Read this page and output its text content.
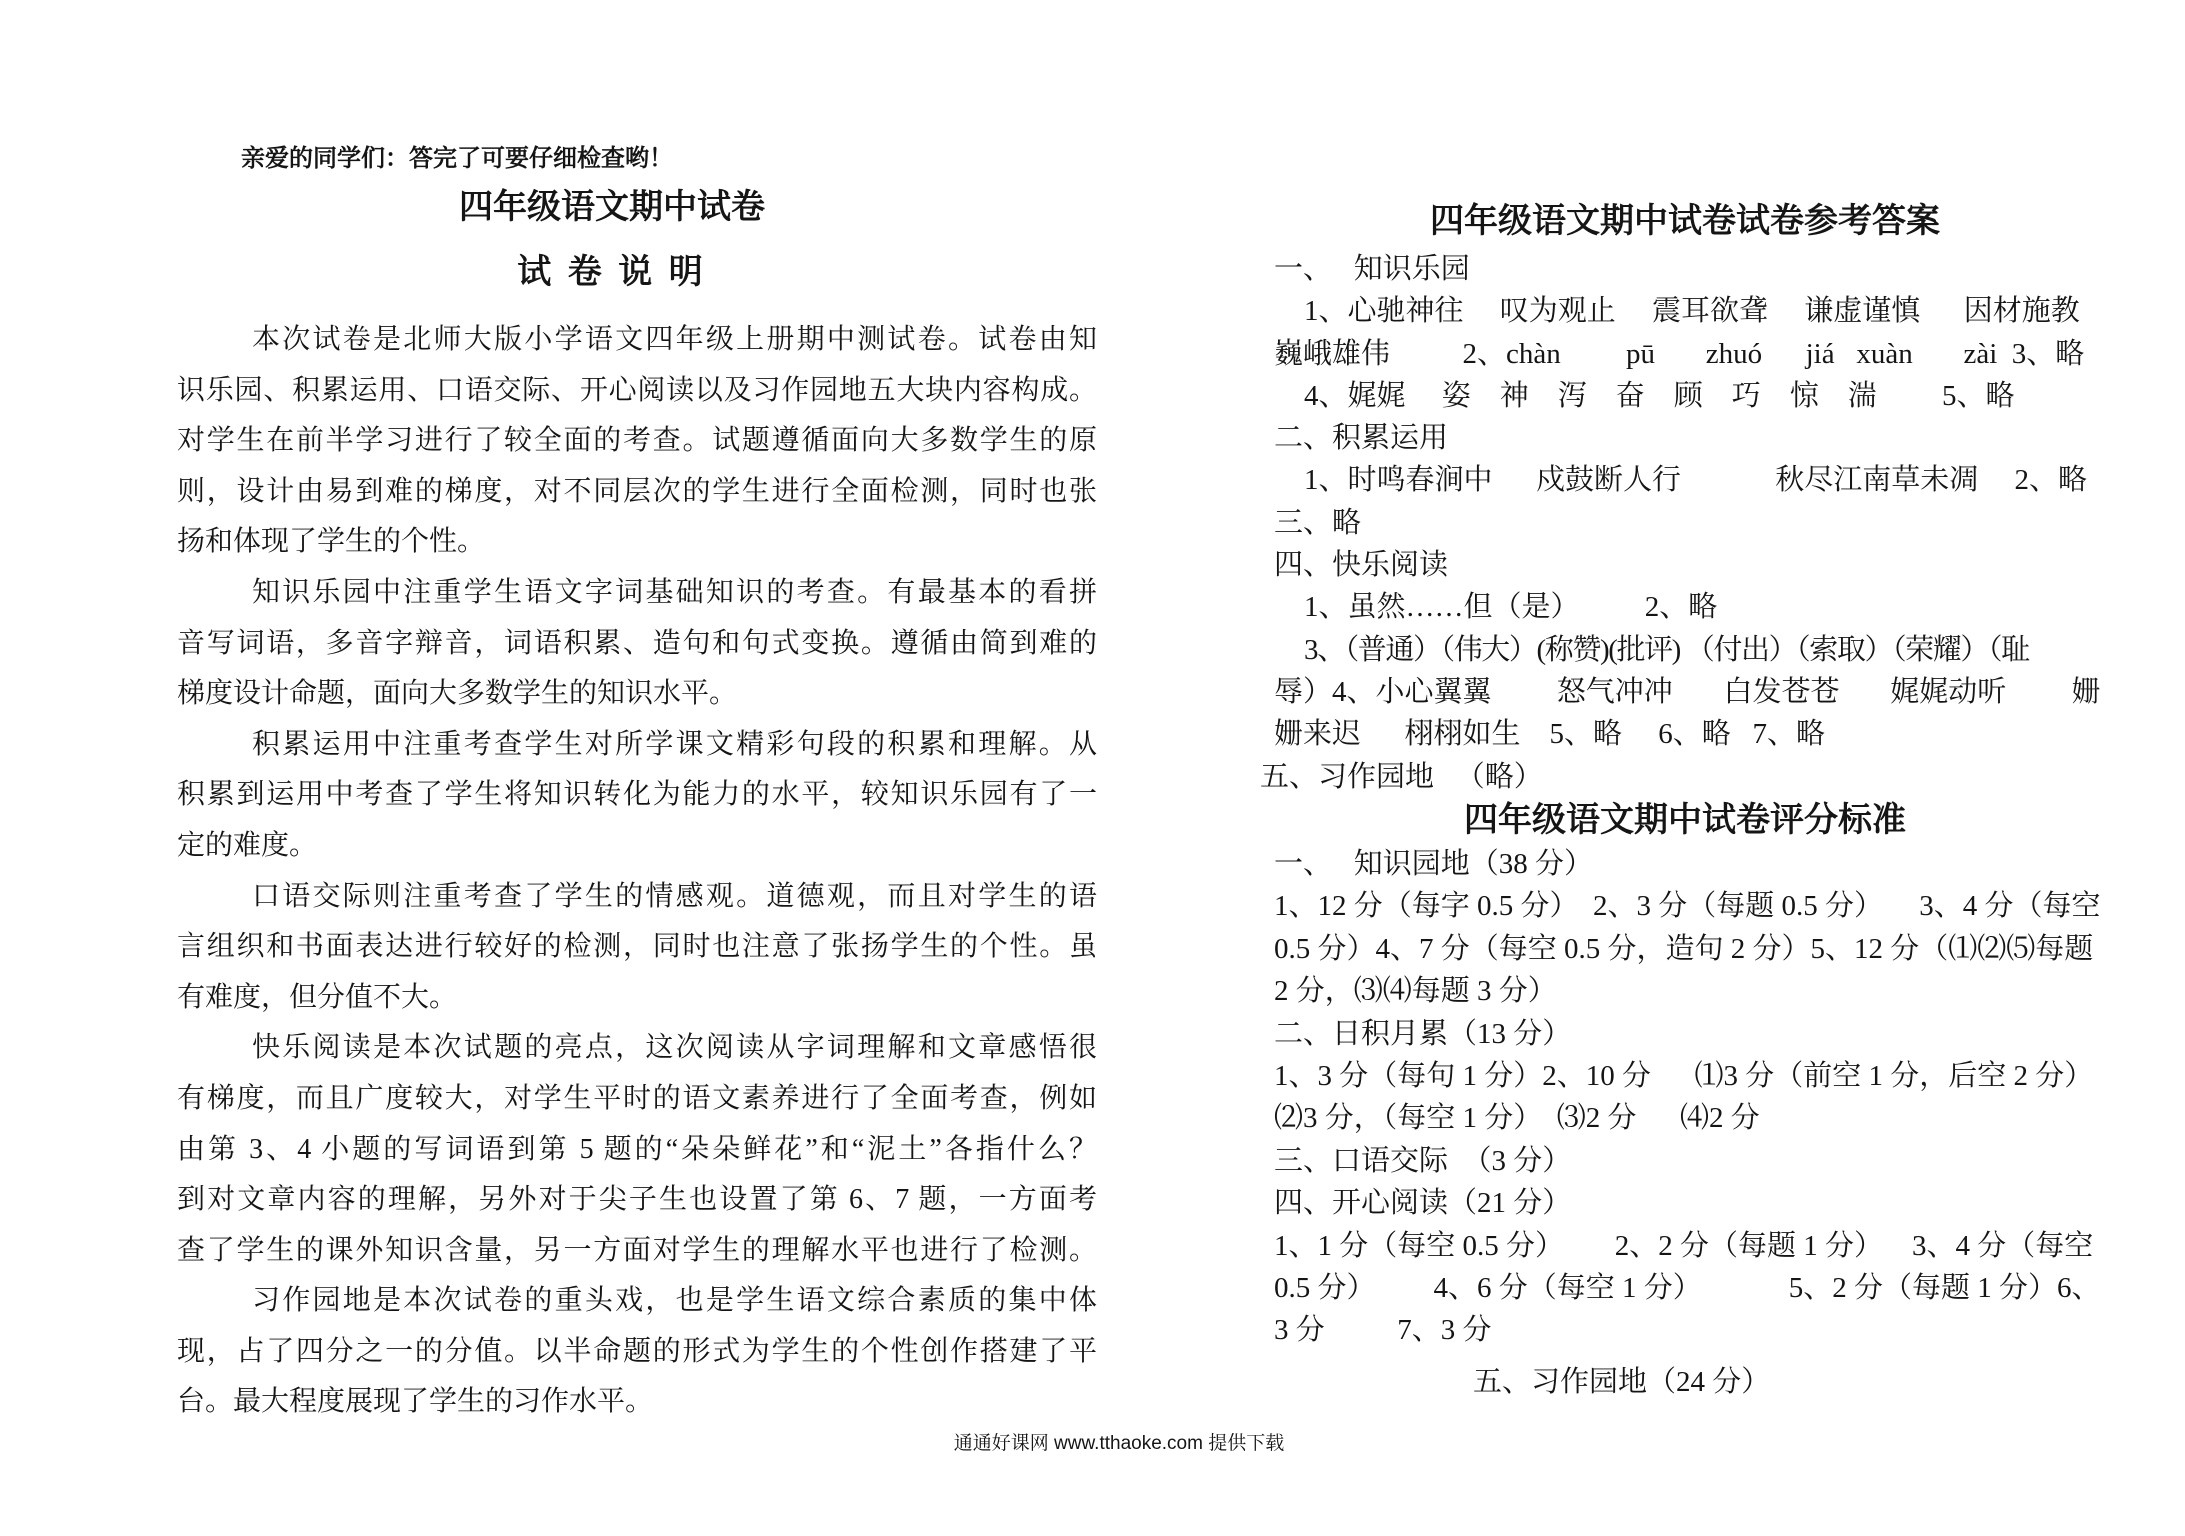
亲爱的同学们：答完了可要仔细检查哟！
四年级语文期中试卷
试 卷 说 明
本次试卷是北师大版小学语文四年级上册期中测试卷。试卷由知
识乐园、积累运用、口语交际、开心阅读以及习作园地五大块内容构成。
对学生在前半学习进行了较全面的考查。试题遵循面向大多数学生的原
则，设计由易到难的梯度，对不同层次的学生进行全面检测，同时也张
扬和体现了学生的个性。
知识乐园中注重学生语文字词基础知识的考查。有最基本的看拼
音写词语，多音字辩音，词语积累、造句和句式变换。遵循由简到难的
梯度设计命题，面向大多数学生的知识水平。
积累运用中注重考查学生对所学课文精彩句段的积累和理解。从
积累到运用中考查了学生将知识转化为能力的水平，较知识乐园有了一
定的难度。
口语交际则注重考查了学生的情感观。道德观，而且对学生的语
言组织和书面表达进行较好的检测，同时也注意了张扬学生的个性。虽
有难度，但分值不大。
快乐阅读是本次试题的亮点，这次阅读从字词理解和文章感悟很
有梯度，而且广度较大，对学生平时的语文素养进行了全面考查，例如
由第 3、4 小题的写词语到第 5 题的“朵朵鲜花”和“泥土”各指什么？
到对文章内容的理解，另外对于尖子生也设置了第 6、7 题，一方面考
查了学生的课外知识含量，另一方面对学生的理解水平也进行了检测。
习作园地是本次试卷的重头戏，也是学生语文综合素质的集中体
现，占了四分之一的分值。以半命题的形式为学生的个性创作搭建了平
台。最大程度展现了学生的习作水平。
四年级语文期中试卷试卷参考答案
一、   知识乐园
1、心驰神往     叹为观止     震耳欲聋     谦虚谨慎      因材施教
巍峨雄伟          2、chàn         pū       zhuó      jiá   xuàn       zài  3、略
4、娓娓     姿    神    泻    奋    顾    巧    惊    湍         5、略
二、积累运用
1、时鸣春涧中      戍鼓断人行             秋尽江南草未凋     2、略
三、略
四、快乐阅读
1、虽然……但（是）         2、略
3、（普通）（伟大）(称赞)(批评) （付出）（索取）（荣耀）（耻
辱）4、小心翼翼         怒气冲冲       白发苍苍       娓娓动听         姗
姗来迟      栩栩如生    5、略     6、略   7、略
五、习作园地   （略）
四年级语文期中试卷评分标准
一、   知识园地（38 分）
1、12 分（每字 0.5 分）  2、3 分（每题 0.5 分）     3、4 分（每空
0.5 分）4、7 分（每空 0.5 分，造句 2 分）5、12 分（⑴⑵⑸每题
2 分，⑶⑷每题 3 分）
二、日积月累（13 分）
1、3 分（每句 1 分）2、10 分      ⑴3 分（前空 1 分，后空 2 分）
⑵3 分，（每空 1 分）  ⑶2 分      ⑷2 分
三、口语交际  （3 分）
四、开心阅读（21 分）
1、1 分（每空 0.5 分）       2、2 分（每题 1 分）    3、4 分（每空
0.5 分）        4、6 分（每空 1 分）            5、2 分（每题 1 分）6、
3 分          7、3 分
五、习作园地（24 分）
通通好课网 www.tthaoke.com 提供下载
